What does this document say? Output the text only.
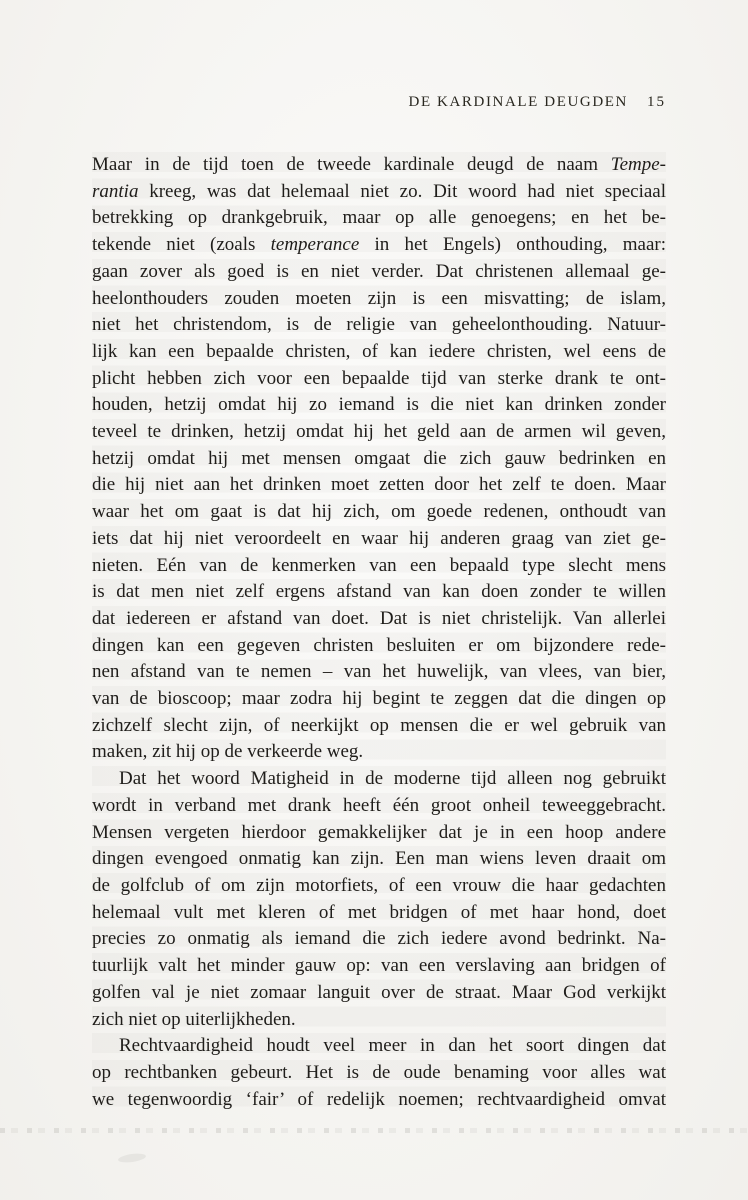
DE KARDINALE DEUGDEN 15
Maar in de tijd toen de tweede kardinale deugd de naam Tempe-
rantia kreeg, was dat helemaal niet zo. Dit woord had niet speciaal
betrekking op drankgebruik, maar op alle genoegens; en het be-
tekende niet (zoals temperance in het Engels) onthouding, maar:
gaan zover als goed is en niet verder. Dat christenen allemaal ge-
heelonthouders zouden moeten zijn is een misvatting; de islam,
niet het christendom, is de religie van geheelonthouding. Natuur-
lijk kan een bepaalde christen, of kan iedere christen, wel eens de
plicht hebben zich voor een bepaalde tijd van sterke drank te ont-
houden, hetzij omdat hij zo iemand is die niet kan drinken zonder
teveel te drinken, hetzij omdat hij het geld aan de armen wil geven,
hetzij omdat hij met mensen omgaat die zich gauw bedrinken en
die hij niet aan het drinken moet zetten door het zelf te doen. Maar
waar het om gaat is dat hij zich, om goede redenen, onthoudt van
iets dat hij niet veroordeelt en waar hij anderen graag van ziet ge-
nieten. Eén van de kenmerken van een bepaald type slecht mens
is dat men niet zelf ergens afstand van kan doen zonder te willen
dat iedereen er afstand van doet. Dat is niet christelijk. Van allerlei
dingen kan een gegeven christen besluiten er om bijzondere rede-
nen afstand van te nemen – van het huwelijk, van vlees, van bier,
van de bioscoop; maar zodra hij begint te zeggen dat die dingen op
zichzelf slecht zijn, of neerkijkt op mensen die er wel gebruik van
maken, zit hij op de verkeerde weg.
Dat het woord Matigheid in de moderne tijd alleen nog gebruikt
wordt in verband met drank heeft één groot onheil teweeggebracht.
Mensen vergeten hierdoor gemakkelijker dat je in een hoop andere
dingen evengoed onmatig kan zijn. Een man wiens leven draait om
de golfclub of om zijn motorfiets, of een vrouw die haar gedachten
helemaal vult met kleren of met bridgen of met haar hond, doet
precies zo onmatig als iemand die zich iedere avond bedrinkt. Na-
tuurlijk valt het minder gauw op: van een verslaving aan bridgen of
golfen val je niet zomaar languit over de straat. Maar God verkijkt
zich niet op uiterlijkheden.
Rechtvaardigheid houdt veel meer in dan het soort dingen dat
op rechtbanken gebeurt. Het is de oude benaming voor alles wat
we tegenwoordig ‘fair’ of redelijk noemen; rechtvaardigheid omvat
